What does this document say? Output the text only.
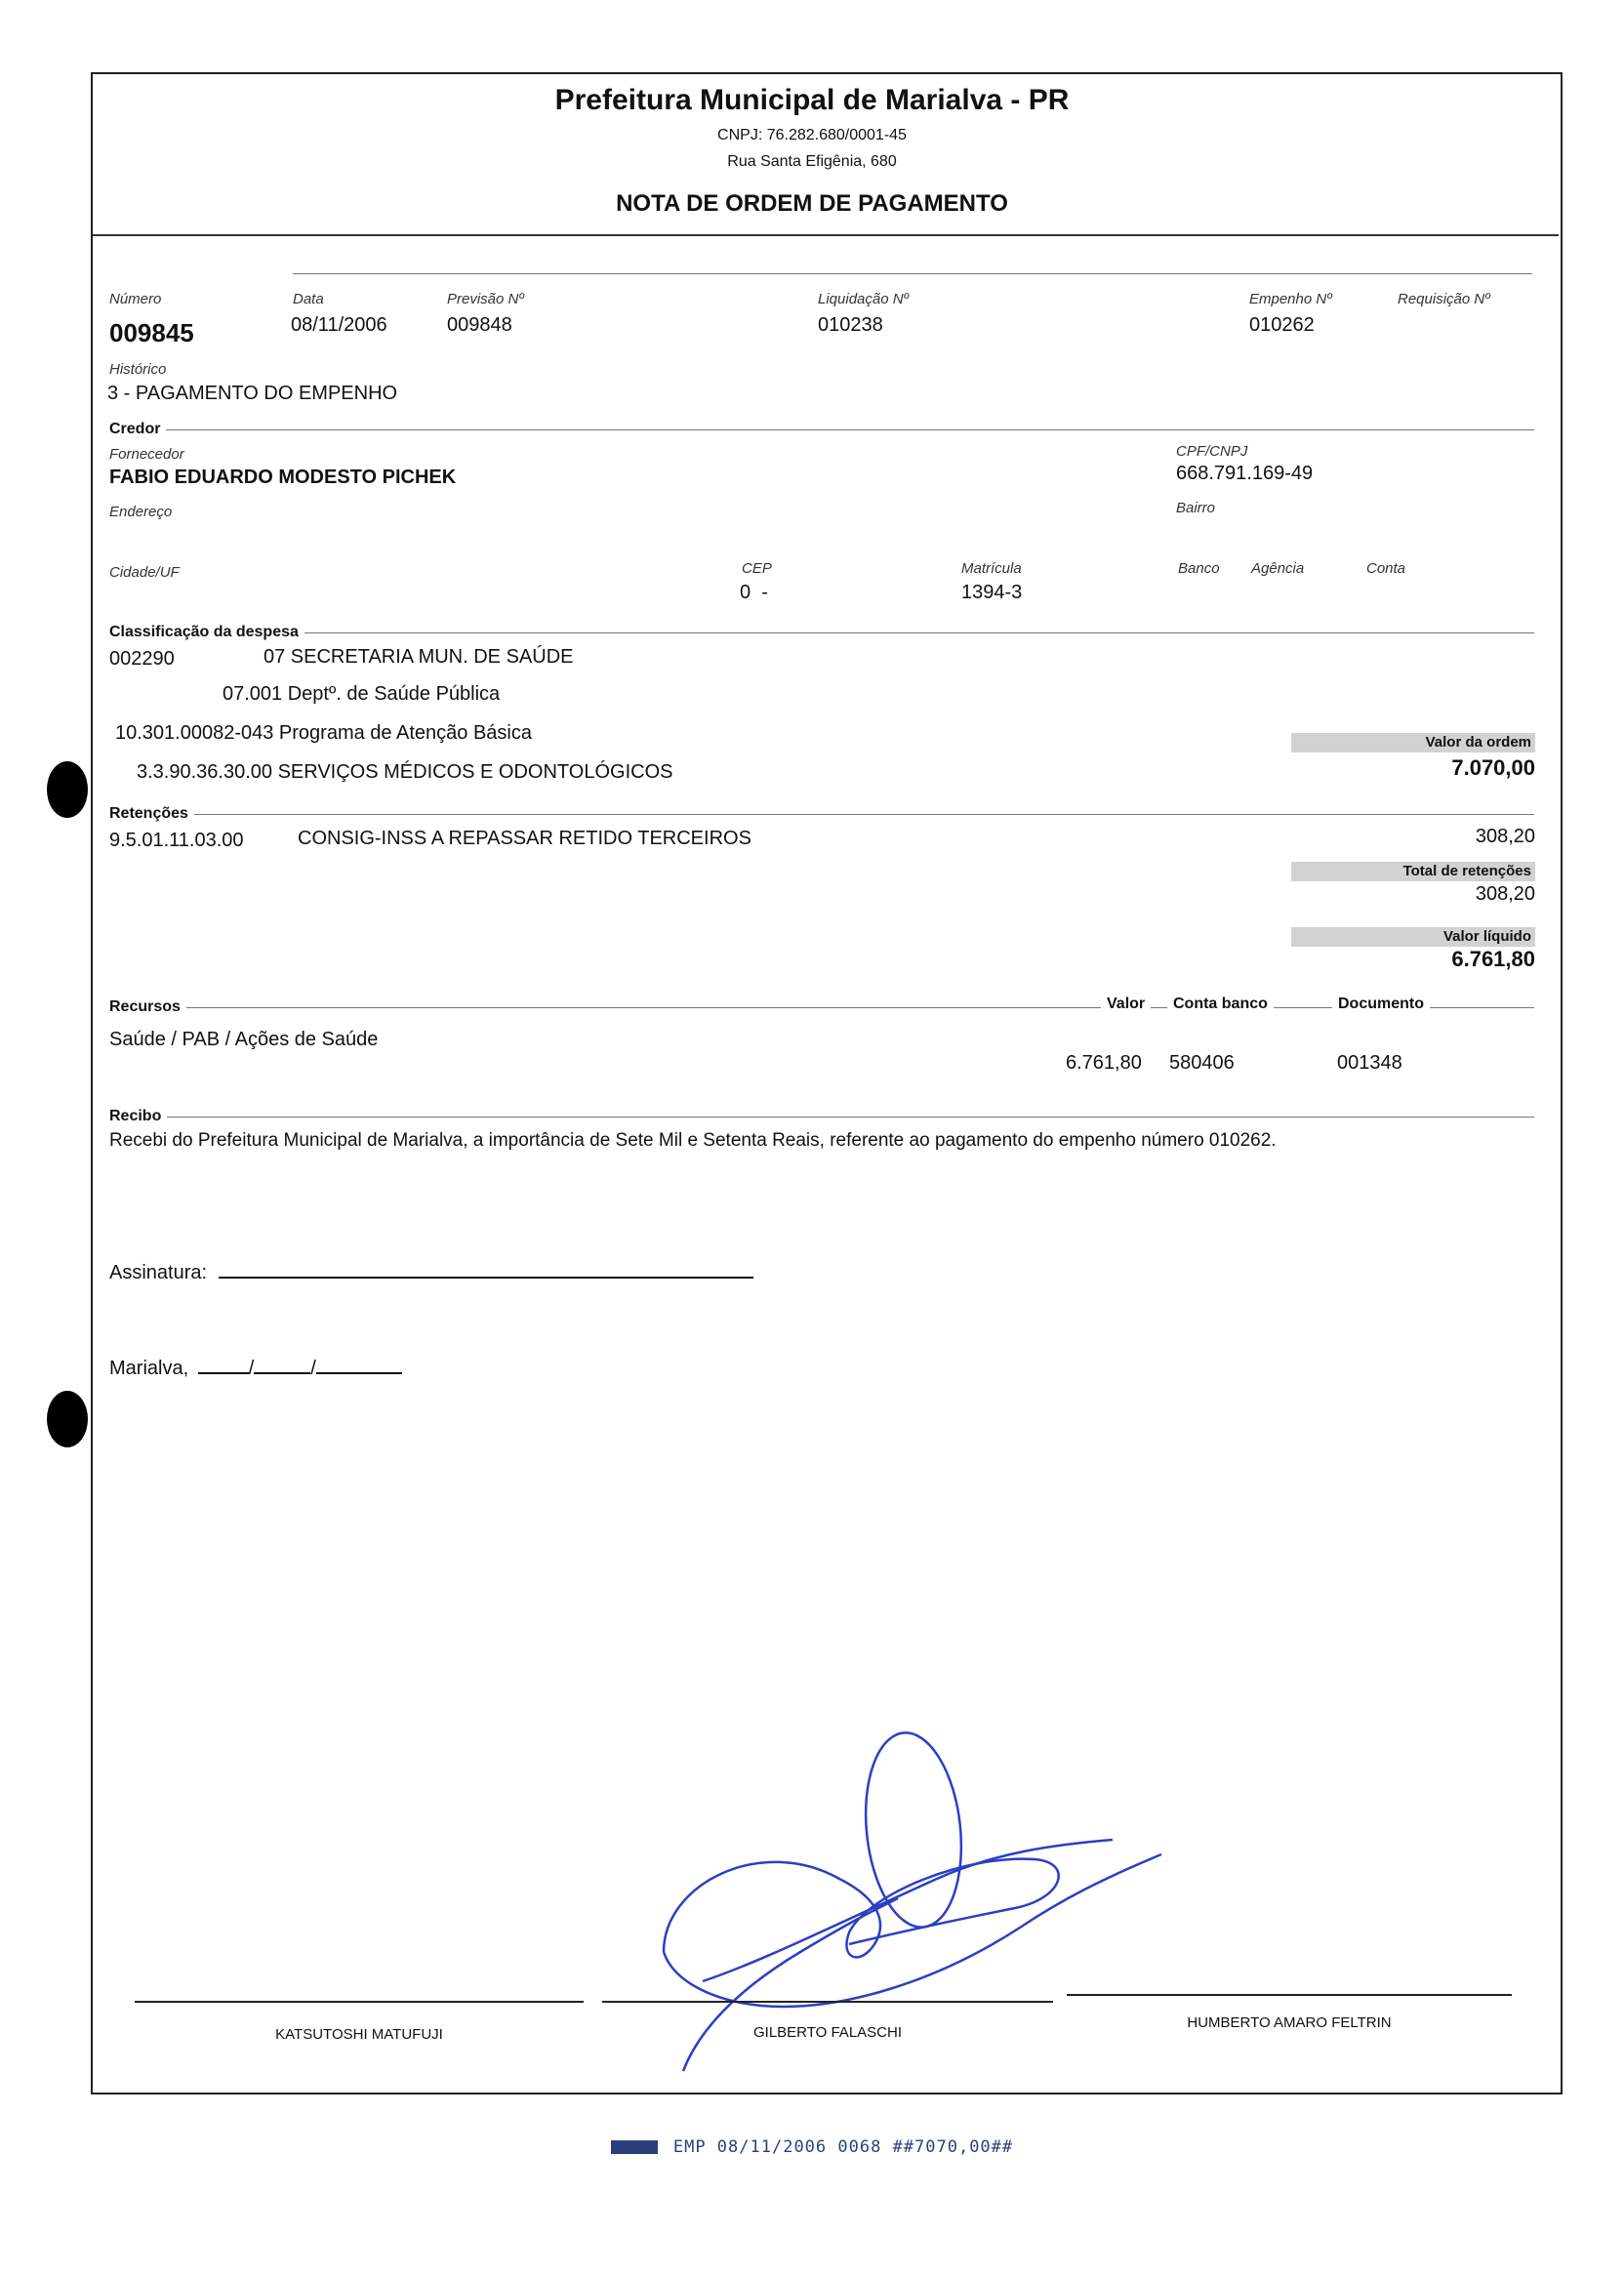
Prefeitura Municipal de Marialva - PR
CNPJ: 76.282.680/0001-45
Rua Santa Efigênia, 680
NOTA DE ORDEM DE PAGAMENTO
Número
009845
Data
08/11/2006
Previsão Nº
009848
Liquidação Nº
010238
Empenho Nº
010262
Requisição Nº
Histórico
3 - PAGAMENTO DO EMPENHO
Credor
Fornecedor
FABIO EDUARDO MODESTO PICHEK
CPF/CNPJ
668.791.169-49
Endereço	Bairro
Cidade/UF	CEP
0  -
Matrícula
1394-3
Banco Agência	Conta
Classificação da despesa
002290	07 SECRETARIA MUN. DE SAÚDE
07.001 Deptº. de Saúde Pública
10.301.00082-043 Programa de Atenção Básica
3.3.90.36.30.00 SERVIÇOS MÉDICOS E ODONTOLÓGICOS
Valor da ordem
7.070,00
Retenções
9.5.01.11.03.00	CONSIG-INSS A REPASSAR RETIDO TERCEIROS	308,20
Total de retenções
308,20
Valor líquido
6.761,80
Recursos	Valor	Conta banco	Documento
Saúde / PAB / Ações de Saúde
6.761,80 580406	001348
Recibo
Recebi do Prefeitura Municipal de Marialva, a importância de Sete Mil e Setenta Reais, referente ao pagamento do empenho número 010262.
Assinatura:
Marialva,	/	/
KATSUTOSHI MATUFUJI	GILBERTO FALASCHI
HUMBERTO AMARO FELTRIN
EMP 08/11/2006 0068 ##7070,00##
